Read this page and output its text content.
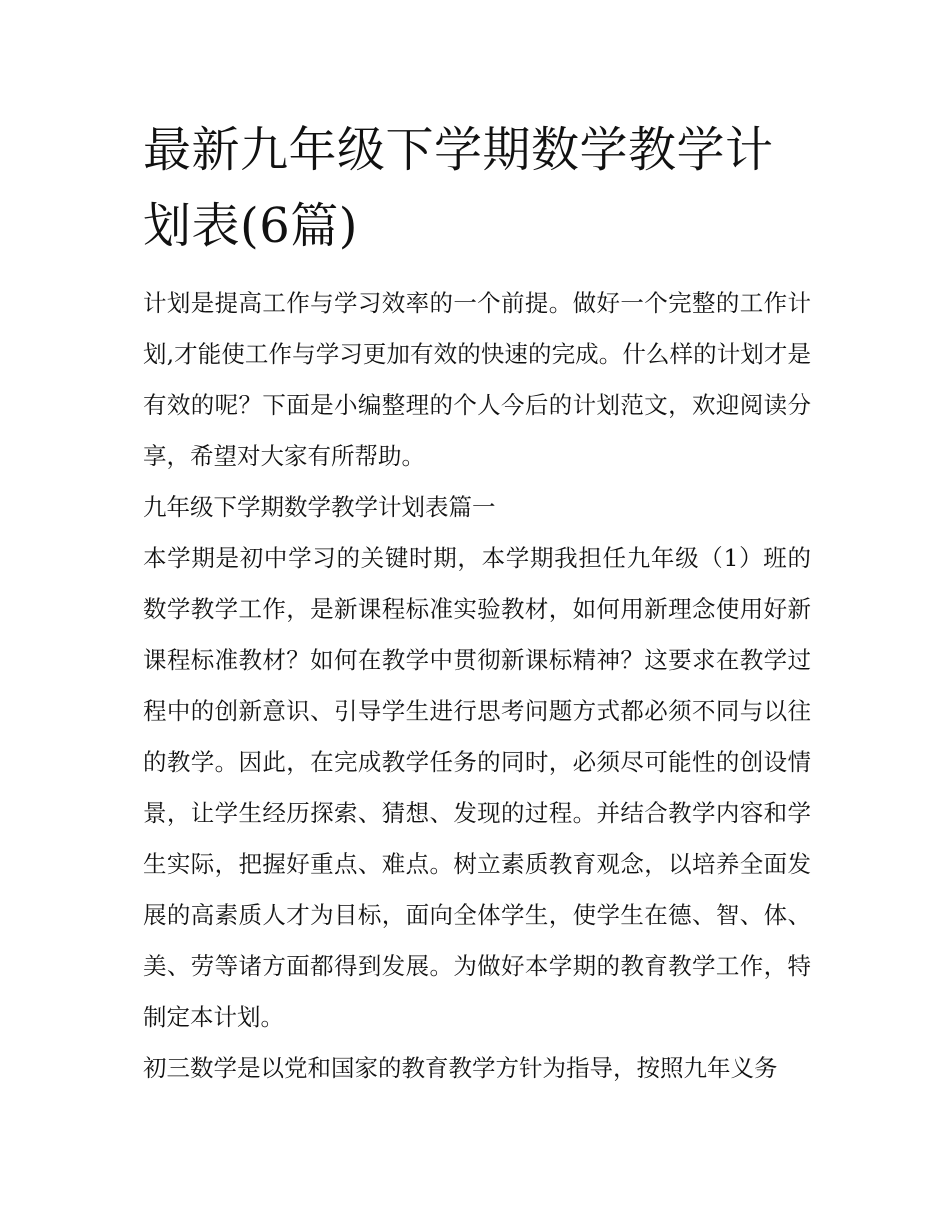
最新九年级下学期数学教学计划表(6篇)

计划是提高工作与学习效率的一个前提。做好一个完整的工作计划,才能使工作与学习更加有效的快速的完成。什么样的计划才是有效的呢？下面是小编整理的个人今后的计划范文，欢迎阅读分享，希望对大家有所帮助。

九年级下学期数学教学计划表篇一

本学期是初中学习的关键时期，本学期我担任九年级（1）班的数学教学工作，是新课程标准实验教材，如何用新理念使用好新课程标准教材？如何在教学中贯彻新课标精神？这要求在教学过程中的创新意识、引导学生进行思考问题方式都必须不同与以往的教学。因此，在完成教学任务的同时，必须尽可能性的创设情景，让学生经历探索、猜想、发现的过程。并结合教学内容和学生实际，把握好重点、难点。树立素质教育观念，以培养全面发展的高素质人才为目标，面向全体学生，使学生在德、智、体、美、劳等诸方面都得到发展。为做好本学期的教育教学工作，特制定本计划。

初三数学是以党和国家的教育教学方针为指导，按照九年义务
